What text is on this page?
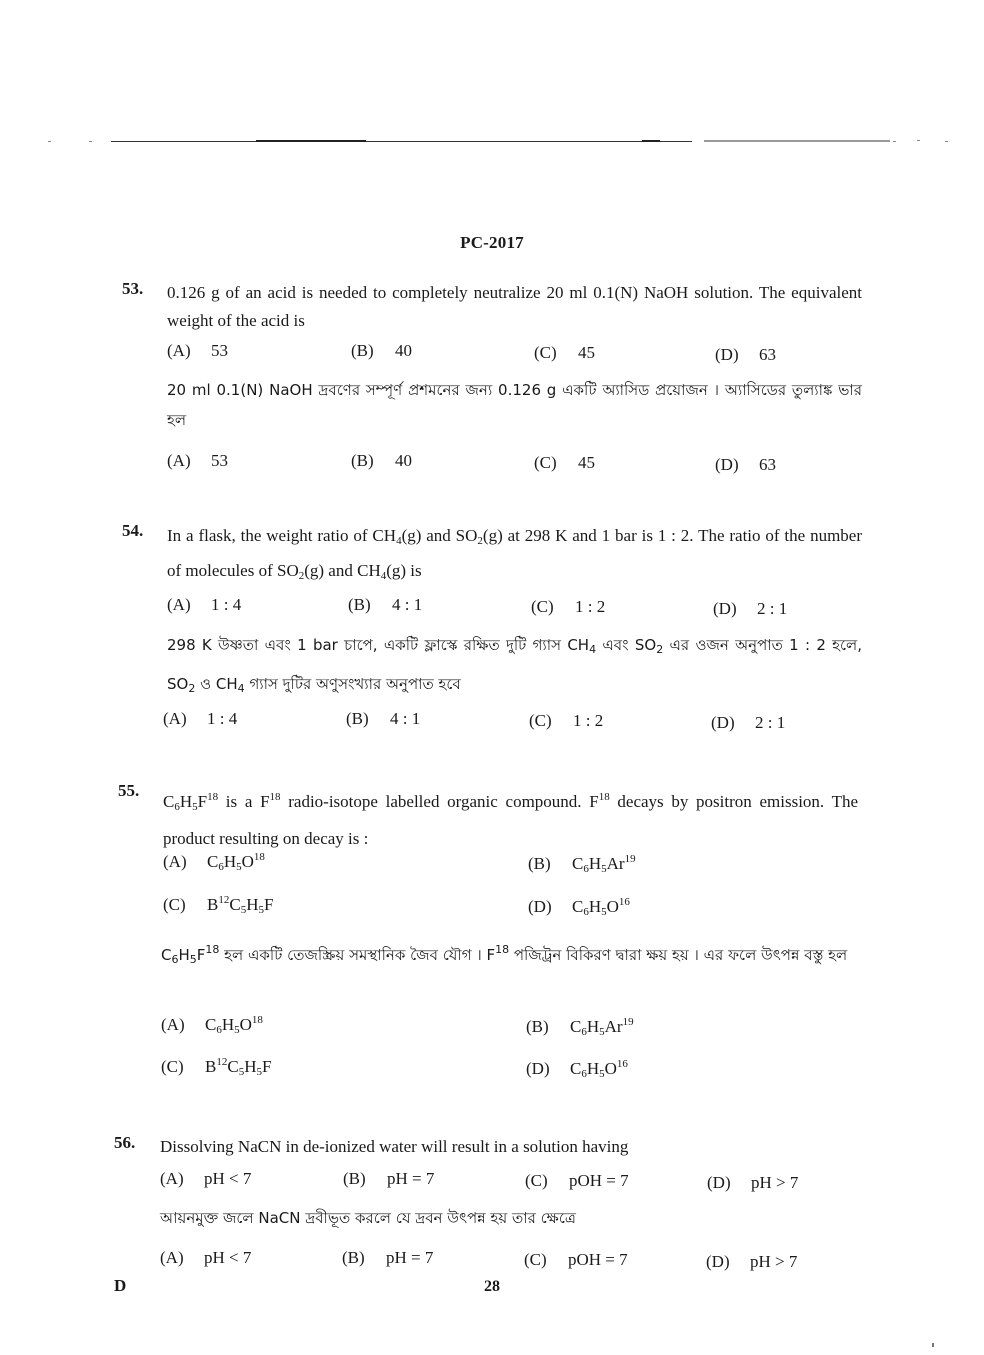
PC-2017
53. 0.126 g of an acid is needed to completely neutralize 20 ml 0.1(N) NaOH solution. The equivalent weight of the acid is
(A) 53	(B) 40	(C) 45	(D) 63
20 ml 0.1(N) NaOH দ্রবণের সম্পূর্ণ প্রশমনের জন্য 0.126 g একটি অ্যাসিড প্রয়োজন । অ্যাসিডের তুল্যাঙ্ক ভার হল
(A) 53	(B) 40	(C) 45	(D) 63
54. In a flask, the weight ratio of $CH_4(g)$ and $SO_2(g)$ at 298 K and 1 bar is 1 : 2. The ratio of the number of molecules of $SO_2(g)$ and $CH_4(g)$ is
(A) 1 : 4	(B) 4 : 1	(C) 1 : 2	(D) 2 : 1
298 K উষ্ণতা এবং 1 bar চাপে, একটি ফ্লাস্কে রক্ষিত দুটি গ্যাস $CH_4$ এবং $SO_2$ এর ওজন অনুপাত 1 : 2 হলে, $SO_2$ ও $CH_4$ গ্যাস দুটির অণুসংখ্যার অনুপাত হবে
(A) 1 : 4	(B) 4 : 1	(C) 1 : 2	(D) 2 : 1
55.
$C_6H_5F^{18}$ is a $F^{18}$ radio-isotope labelled organic compound. $F^{18}$ decays by positron emission. The product resulting on decay is :
(A) $C_6H_5O^{18}$	(B) $C_6H_5Ar^{19}$
(C) $B^{12}C_5H_5F$	(D) $C_6H_5O^{16}$
$C_6H_5F^{18}$ হল একটি তেজস্ক্রিয় সমস্থানিক জৈব যৌগ । $F^{18}$ পজিট্রন বিকিরণ দ্বারা ক্ষয় হয় । এর ফলে উৎপন্ন বস্তু হল
(A) $C_6H_5O^{18}$	(B) $C_6H_5Ar^{19}$
(C) $B^{12}C_5H_5F$	(D) $C_6H_5O^{16}$
56. Dissolving NaCN in de-ionized water will result in a solution having
(A) pH < 7	(B) pH = 7	(C) pOH = 7	(D) pH > 7
আয়নমুক্ত জলে NaCN দ্রবীভূত করলে যে দ্রবন উৎপন্ন হয় তার ক্ষেত্রে
(A) pH < 7	(B) pH = 7	(C) pOH = 7	(D) pH > 7
D	28
